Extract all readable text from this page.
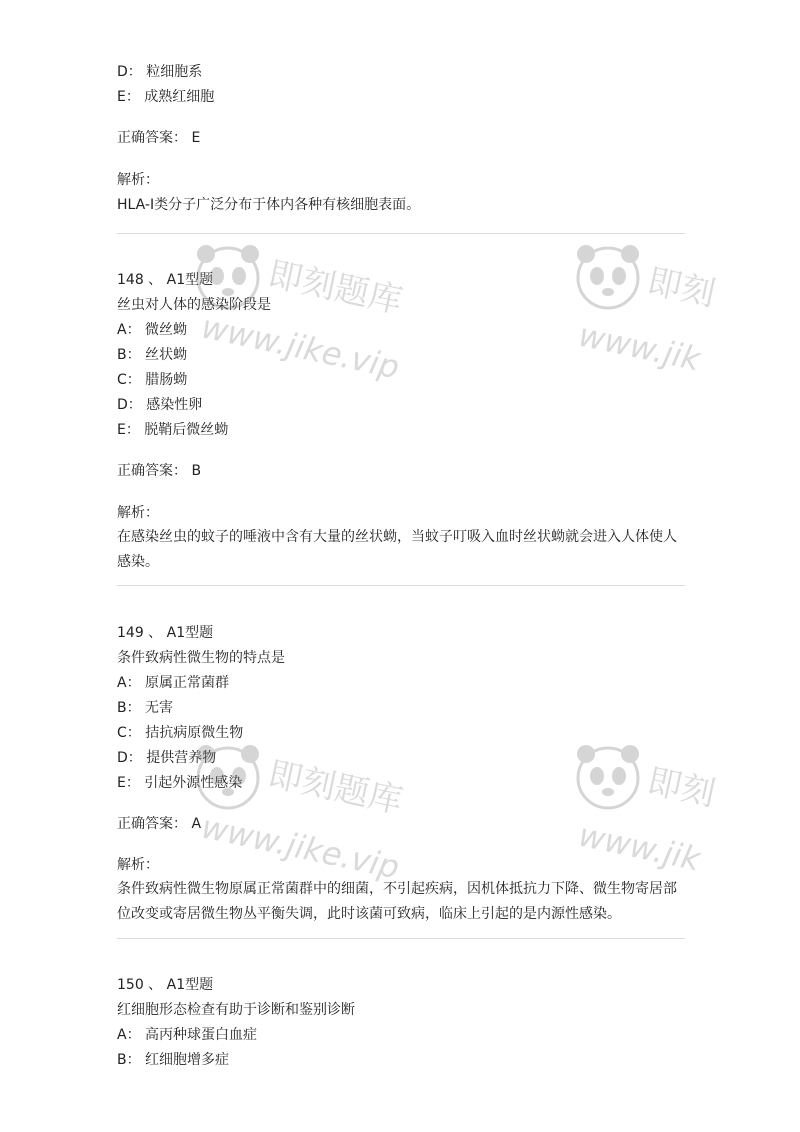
D： 粒细胞系
E： 成熟红细胞
正确答案： E
解析：
HLA-I类分子广泛分布于体内各种有核细胞表面。
148 、 A1型题
丝虫对人体的感染阶段是
A： 微丝蚴
B： 丝状蚴
C： 腊肠蚴
D： 感染性卵
E： 脱鞘后微丝蚴
正确答案： B
解析：
在感染丝虫的蚊子的唾液中含有大量的丝状蚴，当蚊子叮吸入血时丝状蚴就会进入人体使人感染。
149 、 A1型题
条件致病性微生物的特点是
A： 原属正常菌群
B： 无害
C： 拮抗病原微生物
D： 提供营养物
E： 引起外源性感染
正确答案： A
解析：
条件致病性微生物原属正常菌群中的细菌，不引起疾病，因机体抵抗力下降、微生物寄居部位改变或寄居微生物丛平衡失调，此时该菌可致病，临床上引起的是内源性感染。
150 、 A1型题
红细胞形态检查有助于诊断和鉴别诊断
A： 高丙种球蛋白血症
B： 红细胞增多症
即刻题库
www.jike.vip
即刻
www.jik
即刻题库
www.jike.vip
即刻
www.jik
